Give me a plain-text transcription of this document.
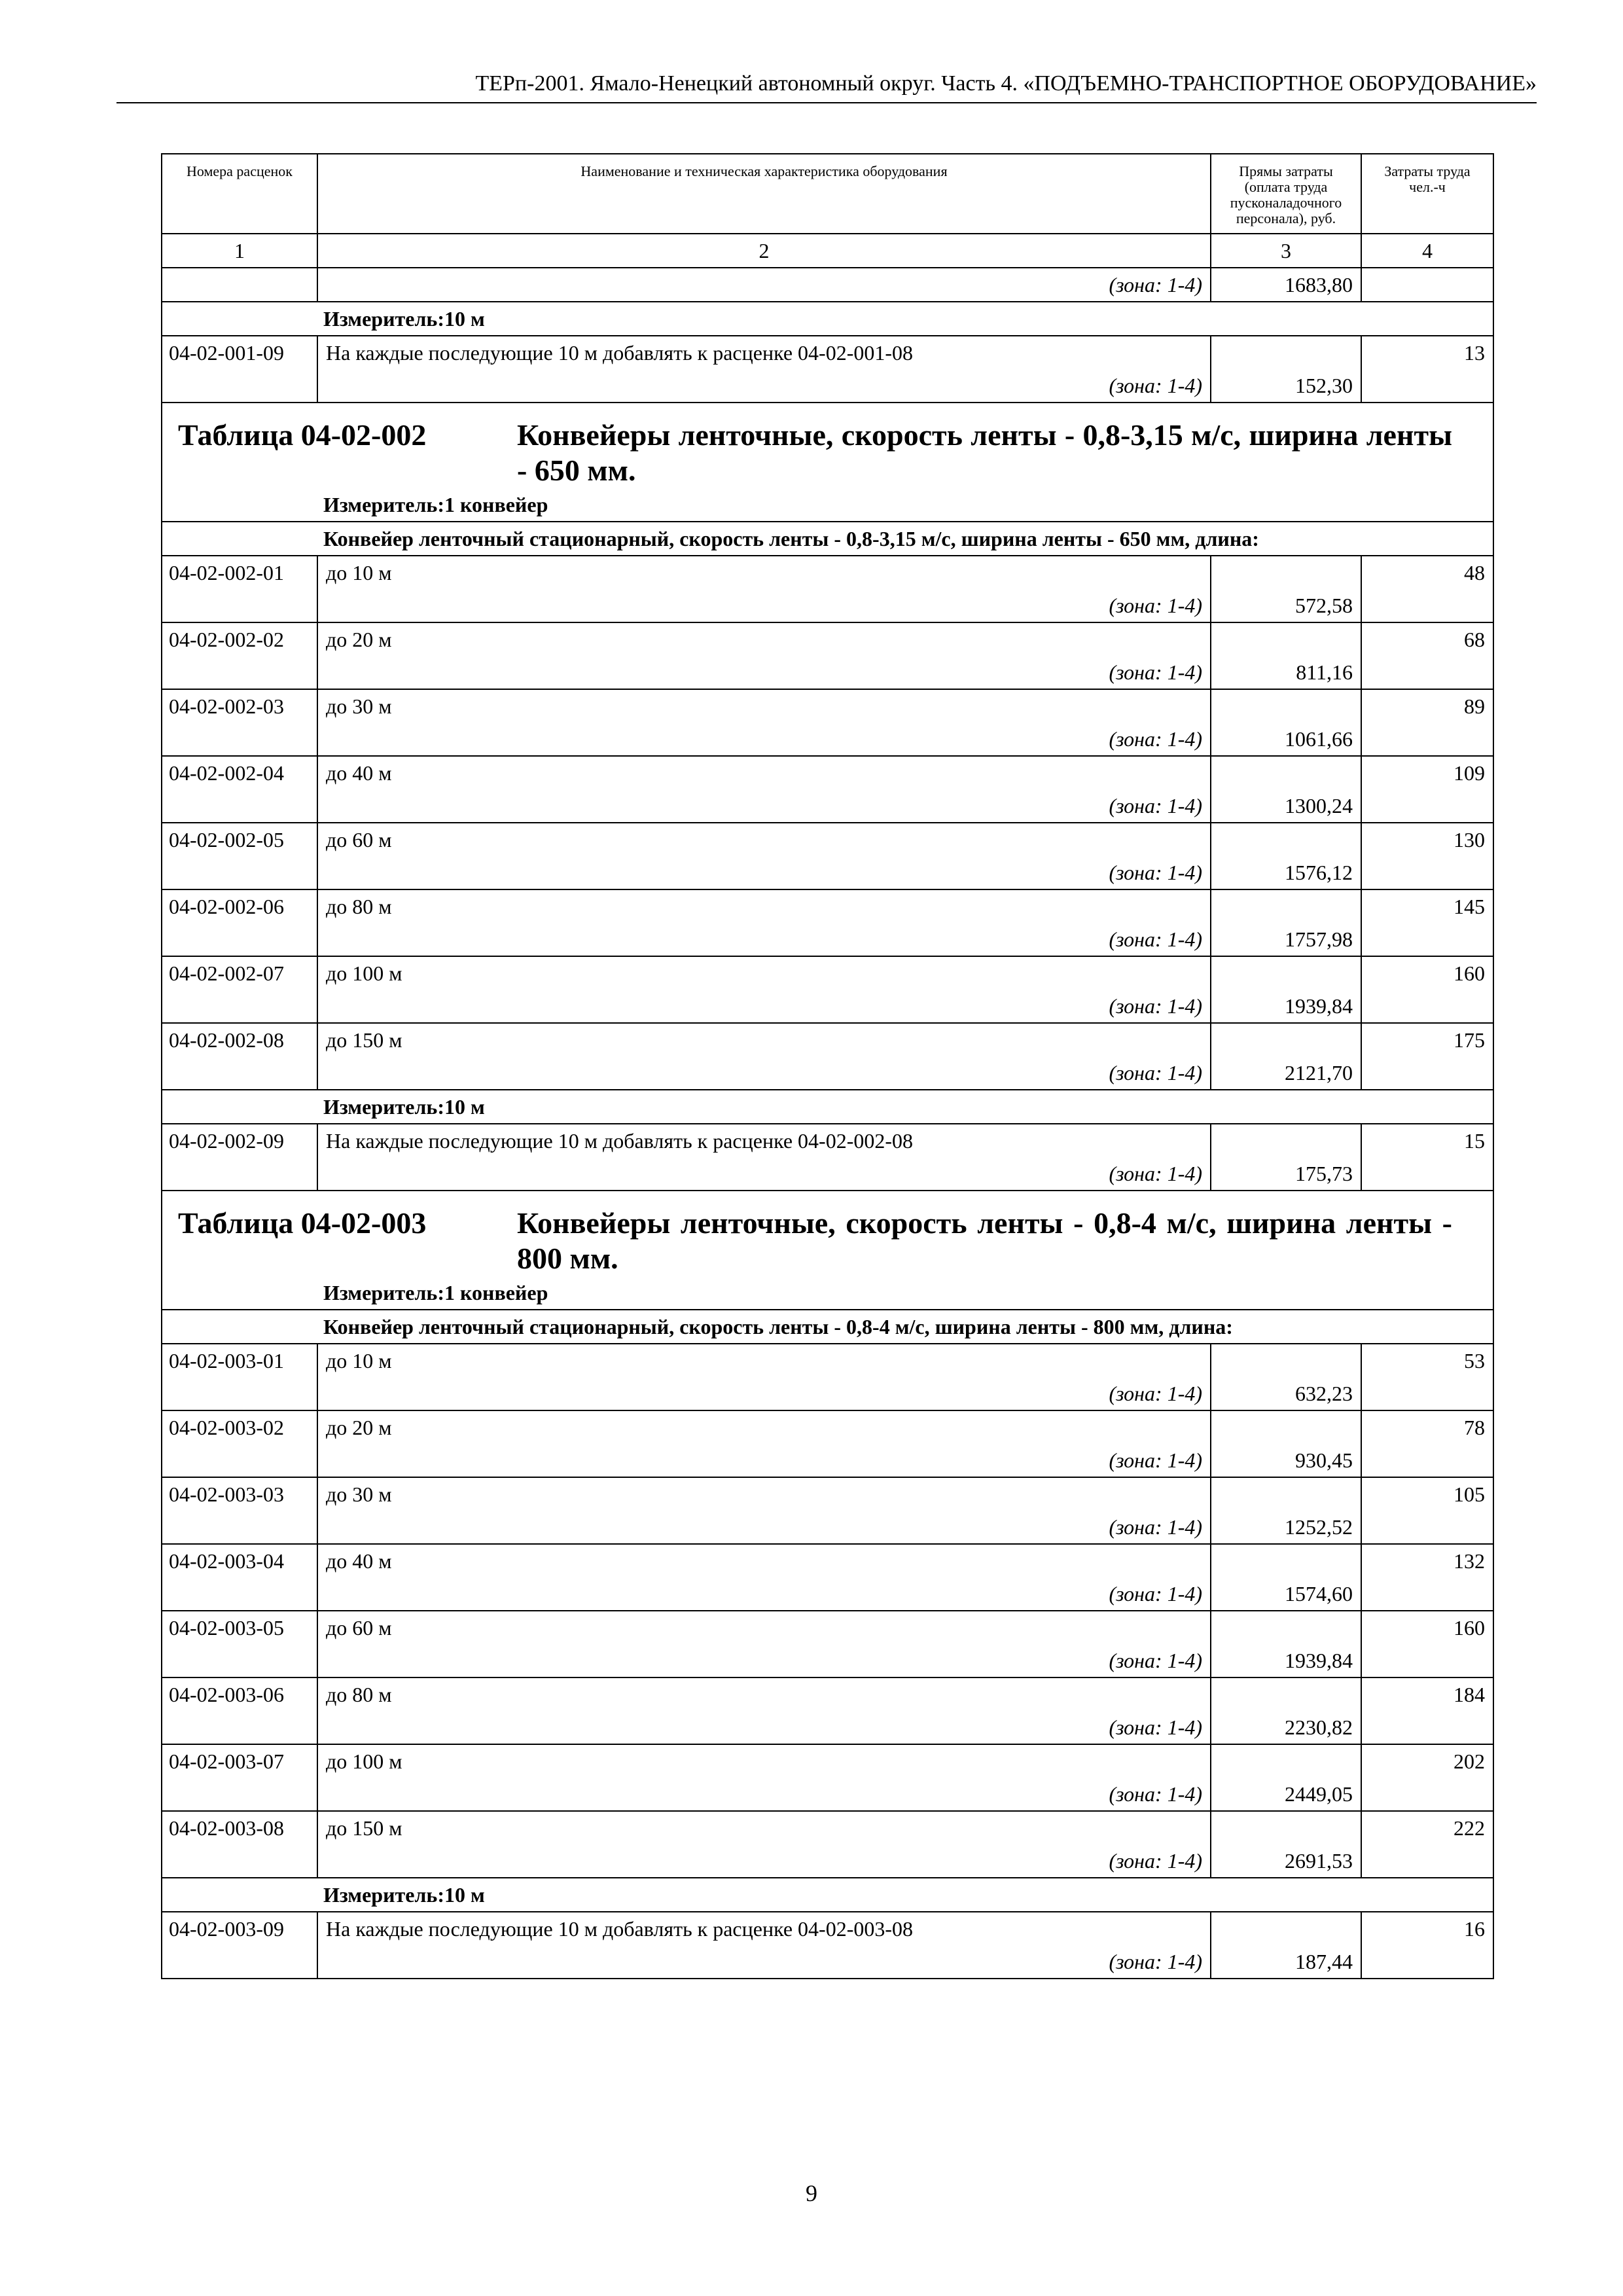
ТЕРп-2001. Ямало-Ненецкий автономный округ. Часть 4. «ПОДЪЕМНО-ТРАНСПОРТНОЕ ОБОРУДОВАНИЕ»
Номера расценок	Наименование и техническая характеристика оборудования	Прямы затраты (оплата труда пусконаладочного персонала), руб.	Затраты труда чел.-ч
1	2	3	4
	(зона: 1-4)	1683,80	

Измеритель:10 м			

04-02-001-09	На каждые последующие 10 м добавлять к расценке 04-02-001-08
(зона: 1-4)	152,30	13

Таблица 04-02-002 Конвейеры ленточные, скорость ленты - 0,8-3,15 м/с, ширина ленты - 650 мм.
Измеритель:1 конвейер			

Конвейер ленточный стационарный, скорость ленты - 0,8-3,15 м/с, ширина ленты - 650 мм, длина:			

04-02-002-01	до 10 м
(зона: 1-4)	572,58	48
04-02-002-02	до 20 м
(зона: 1-4)	811,16	68
04-02-002-03	до 30 м
(зона: 1-4)	1061,66	89
04-02-002-04	до 40 м
(зона: 1-4)	1300,24	109
04-02-002-05	до 60 м
(зона: 1-4)	1576,12	130
04-02-002-06	до 80 м
(зона: 1-4)	1757,98	145
04-02-002-07	до 100 м
(зона: 1-4)	1939,84	160
04-02-002-08	до 150 м
(зона: 1-4)	2121,70	175

Измеритель:10 м			

04-02-002-09	На каждые последующие 10 м добавлять к расценке 04-02-002-08
(зона: 1-4)	175,73	15

Таблица 04-02-003 Конвейеры ленточные, скорость ленты - 0,8-4 м/с, ширина ленты - 800 мм.
Измеритель:1 конвейер			

Конвейер ленточный стационарный, скорость ленты - 0,8-4 м/с, ширина ленты - 800 мм, длина:			

04-02-003-01	до 10 м
(зона: 1-4)	632,23	53
04-02-003-02	до 20 м
(зона: 1-4)	930,45	78
04-02-003-03	до 30 м
(зона: 1-4)	1252,52	105
04-02-003-04	до 40 м
(зона: 1-4)	1574,60	132
04-02-003-05	до 60 м
(зона: 1-4)	1939,84	160
04-02-003-06	до 80 м
(зона: 1-4)	2230,82	184
04-02-003-07	до 100 м
(зона: 1-4)	2449,05	202
04-02-003-08	до 150 м
(зона: 1-4)	2691,53	222

Измеритель:10 м			

04-02-003-09	На каждые последующие 10 м добавлять к расценке 04-02-003-08
(зона: 1-4)	187,44	16
9
